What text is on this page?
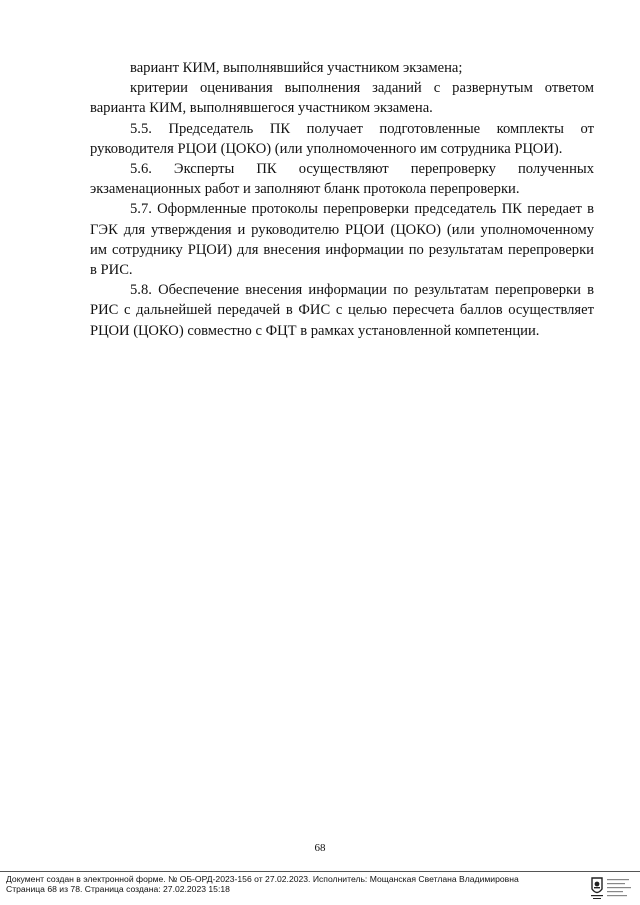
вариант КИМ, выполнявшийся участником экзамена;

критерии оценивания выполнения заданий с развернутым ответом варианта КИМ, выполнявшегося участником экзамена.

5.5. Председатель ПК получает подготовленные комплекты от руководителя РЦОИ (ЦОКО) (или уполномоченного им сотрудника РЦОИ).

5.6. Эксперты ПК осуществляют перепроверку полученных экзаменационных работ и заполняют бланк протокола перепроверки.

5.7. Оформленные протоколы перепроверки председатель ПК передает в ГЭК для утверждения и руководителю РЦОИ (ЦОКО) (или уполномоченному им сотруднику РЦОИ) для внесения информации по результатам перепроверки в РИС.

5.8. Обеспечение внесения информации по результатам перепроверки в РИС с дальнейшей передачей в ФИС с целью пересчета баллов осуществляет РЦОИ (ЦОКО) совместно с ФЦТ в рамках установленной компетенции.

68
Документ создан в электронной форме. № ОБ-ОРД-2023-156 от 27.02.2023. Исполнитель: Мощанская Светлана Владимировна
Страница 68 из 78. Страница создана: 27.02.2023 15:18
